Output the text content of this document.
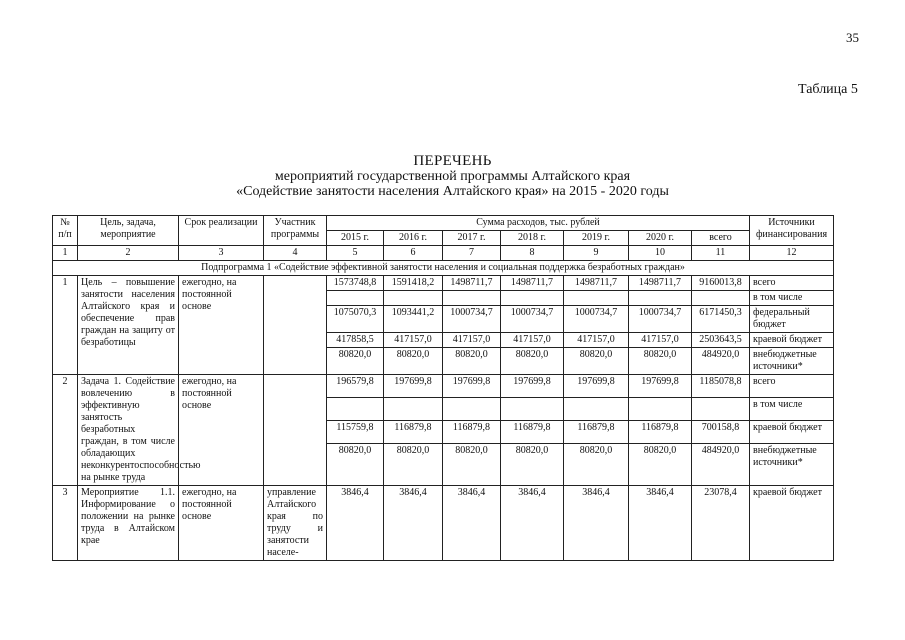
35
Таблица 5
ПЕРЕЧЕНЬ
мероприятий государственной программы Алтайского края
«Содействие занятости населения Алтайского края» на 2015 - 2020 годы
№ п/п	Цель, задача, мероприятие	Срок реализации	Участник программы	Сумма расходов, тыс. рублей							Источники финансирования
				2015 г.	2016 г.	2017 г.	2018 г.	2019 г.	2020 г.	всего	
1	2	3	4	5	6	7	8	9	10	11	12
Подпрограмма 1 «Содействие эффективной занятости населения и социальная поддержка безработных граждан»											
1	Цель – повышение занятости населения Алтайского края и обеспечение прав граждан на защиту от безработицы	ежегодно, на постоянной основе		1573748,8	1591418,2	1498711,7	1498711,7	1498711,7	1498711,7	9160013,8	всего
											в том числе
				1075070,3	1093441,2	1000734,7	1000734,7	1000734,7	1000734,7	6171450,3	федеральный бюджет
				417858,5	417157,0	417157,0	417157,0	417157,0	417157,0	2503643,5	краевой бюджет
				80820,0	80820,0	80820,0	80820,0	80820,0	80820,0	484920,0	внебюджетные источники*
2	Задача 1. Содействие вовлечению в эффективную занятость безработных граждан, в том числе обладающих неконкурентоспособностью на рынке труда	ежегодно, на постоянной основе		196579,8	197699,8	197699,8	197699,8	197699,8	197699,8	1185078,8	всего
											в том числе
				115759,8	116879,8	116879,8	116879,8	116879,8	116879,8	700158,8	краевой бюджет
				80820,0	80820,0	80820,0	80820,0	80820,0	80820,0	484920,0	внебюджетные источники*
3	Мероприятие 1.1. Информирование о положении на рынке труда в Алтайском крае	ежегодно, на постоянной основе	управление Алтайского края по труду и занятости населе-	3846,4	3846,4	3846,4	3846,4	3846,4	3846,4	23078,4	краевой бюджет
